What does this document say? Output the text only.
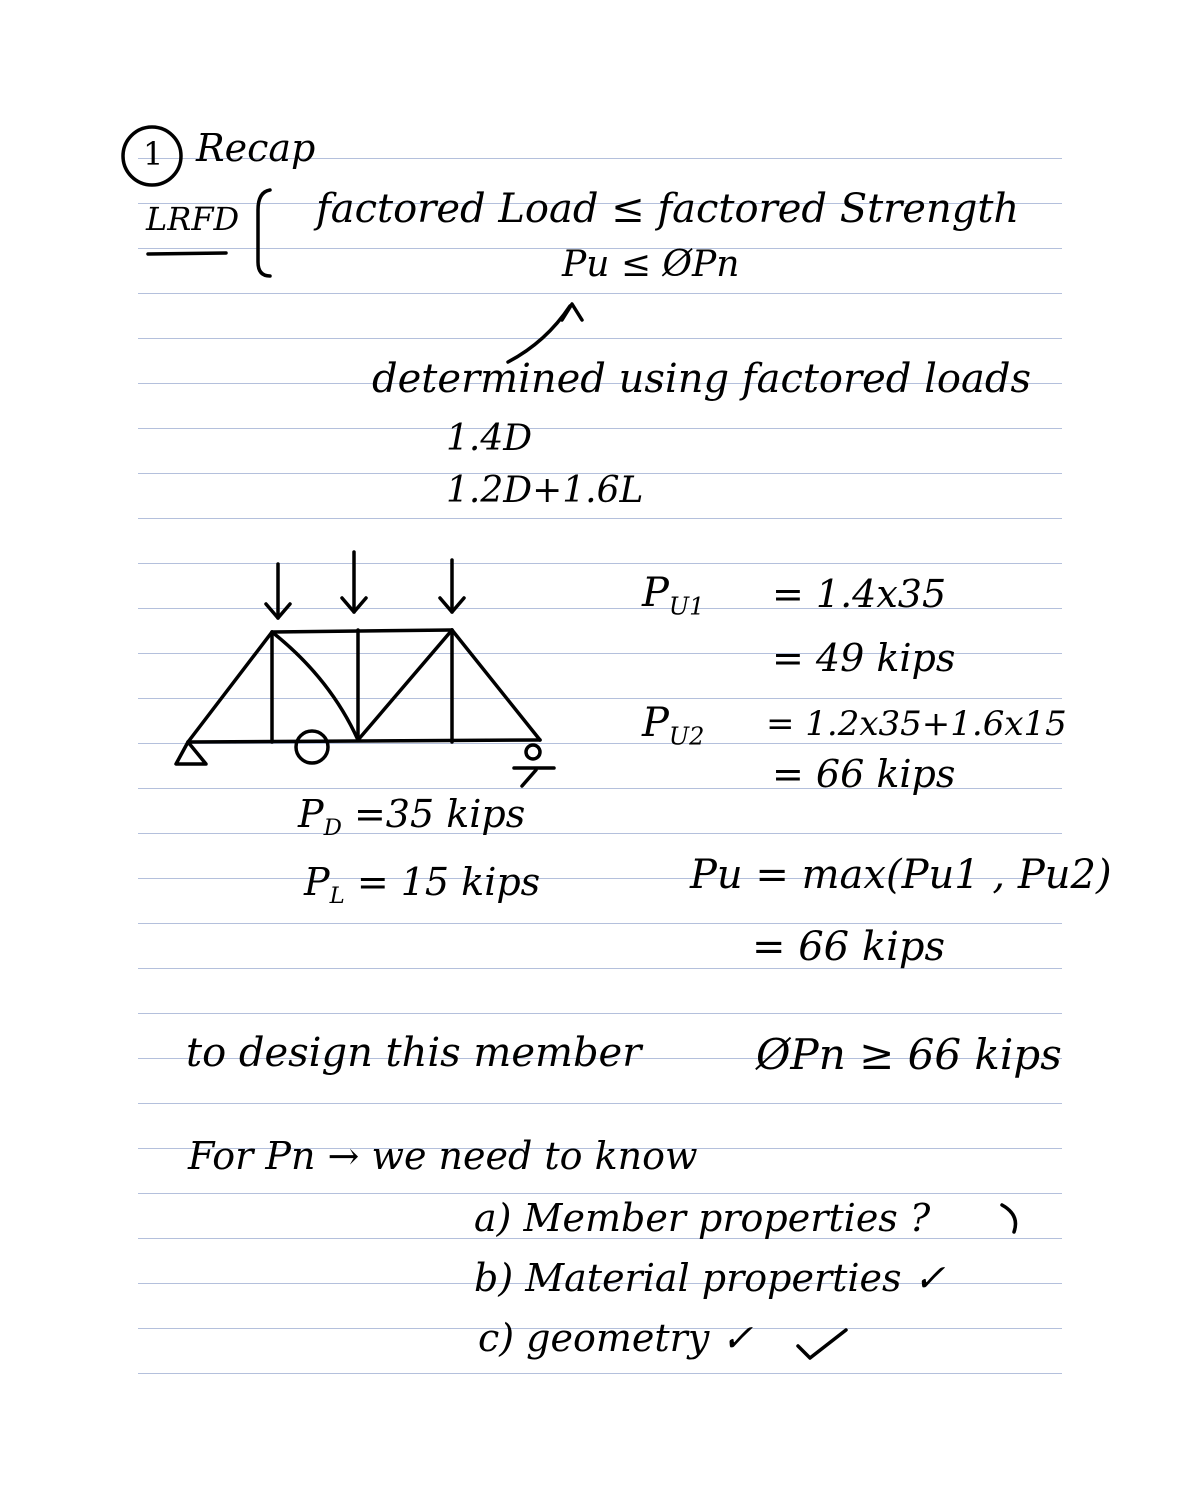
1 Recap
LRFD factored Load ≤ factored Strength
Pu ≤ ØPn
determined using factored loads
1.4D
1.2D+1.6L
$P_D =35$ kips
$P_L = 15$ kips
$P_{U1} = 1.4x35$
= 49 kips
$P_{U2} = 1.2x35+1.6x15$
= 66 kips
Pu = max(Pu1 , Pu2)
= 66 kips
to design this member	ØPn ≥ 66 kips
For Pn → we need to know
a) Member properties ?
b) Material properties ✓
c) geometry ✓
